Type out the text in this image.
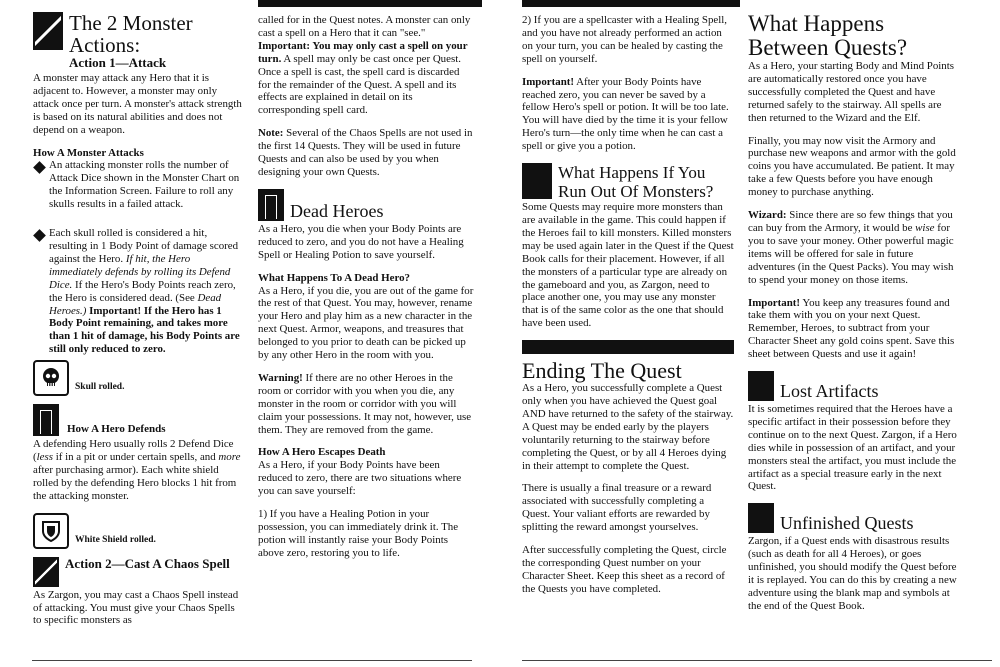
The 2 Monster Actions:
Action 1—Attack

A monster may attack any Hero that it is adjacent to. However, a monster may only attack once per turn. A monster's attack strength is based on its natural abilities and does not depend on a weapon.

How A Monster Attacks
An attacking monster rolls the number of Attack Dice shown in the Monster Chart on the Information Screen. Failure to roll any skulls results in a failed attack.
Each skull rolled is considered a hit, resulting in 1 Body Point of damage scored against the Hero. If hit, the Hero immediately defends by rolling its Defend Dice. If the Hero's Body Points reach zero, the Hero is considered dead. (See Dead Heroes.) Important! If the Hero has 1 Body Point remaining, and takes more than 1 hit of damage, his Body Points are still only reduced to zero.
Skull rolled.
How A Hero Defends

A defending Hero usually rolls 2 Defend Dice (less if in a pit or under certain spells, and more after purchasing armor). Each white shield rolled by the defending Hero blocks 1 hit from the attacking monster.

White Shield rolled.
Action 2—Cast A Chaos Spell

As Zargon, you may cast a Chaos Spell instead of attacking. You must give your Chaos Spells to specific monsters as

called for in the Quest notes. A monster can only cast a spell on a Hero that it can "see." Important: You may only cast a spell on your turn. A spell may only be cast once per Quest. Once a spell is cast, the spell card is discarded for the remainder of the Quest. A spell and its effects are explained in detail on its corresponding spell card.

Note: Several of the Chaos Spells are not used in the first 14 Quests. They will be used in future Quests and can also be used by you when designing your own Quests.

Dead Heroes

As a Hero, you die when your Body Points are reduced to zero, and you do not have a Healing Spell or Healing Potion to save yourself.

What Happens To A Dead Hero?

As a Hero, if you die, you are out of the game for the rest of that Quest. You may, however, rename your Hero and play him as a new character in the next Quest. Armor, weapons, and treasures that belonged to you prior to death can be picked up by any other Hero in the room with you.

Warning! If there are no other Heroes in the room or corridor with you when you die, any monster in the room or corridor with you will claim your possessions. It may not, however, use them. They are removed from the game.

How A Hero Escapes Death

As a Hero, if your Body Points have been reduced to zero, there are two situations where you can save yourself:

1) If you have a Healing Potion in your possession, you can immediately drink it. The potion will instantly raise your Body Points above zero, restoring you to life.

2) If you are a spellcaster with a Healing Spell, and you have not already performed an action on your turn, you can be healed by casting the spell on yourself.

Important! After your Body Points have reached zero, you can never be saved by a fellow Hero's spell or potion. It will be too late. You will have died by the time it is your fellow Hero's turn—the only time when he can cast a spell or give you a potion.

What Happens If You Run Out Of Monsters?

Some Quests may require more monsters than are available in the game. This could happen if the Heroes fail to kill monsters. Killed monsters may be used again later in the Quest if the Quest Book calls for their placement. However, if all the monsters of a particular type are already on the gameboard and you, as Zargon, need to place another one, you may use any monster that is of the same color as the one that should have been used.

Ending The Quest

As a Hero, you successfully complete a Quest only when you have achieved the Quest goal AND have returned to the safety of the stairway. A Quest may be ended early by the players voluntarily returning to the stairway before completing the Quest, or by all 4 Heroes dying in their attempt to complete the Quest.

There is usually a final treasure or a reward associated with successfully completing a Quest. Your valiant efforts are rewarded by splitting the reward amongst yourselves.

After successfully completing the Quest, circle the corresponding Quest number on your Character Sheet. Keep this sheet as a record of the Quests you have completed.

What Happens Between Quests?

As a Hero, your starting Body and Mind Points are automatically restored once you have successfully completed the Quest and have returned safely to the stairway. All spells are then returned to the Wizard and the Elf.

Finally, you may now visit the Armory and purchase new weapons and armor with the gold coins you have accumulated. Be patient. It may take a few Quests before you have enough money to purchase anything.

Wizard: Since there are so few things that you can buy from the Armory, it would be wise for you to save your money. Other powerful magic items will be offered for sale in future adventures (in the Quest Packs). You may wish to spend your money on those items.

Important! You keep any treasures found and take them with you on your next Quest. Remember, Heroes, to subtract from your Character Sheet any gold coins spent. Save this sheet between Quests and use it again!

Lost Artifacts

It is sometimes required that the Heroes have a specific artifact in their possession before they continue on to the next Quest. Zargon, if a Hero dies while in possession of an artifact, and your monsters steal the artifact, you must include the artifact as a special treasure early in the next Quest.

Unfinished Quests

Zargon, if a Quest ends with disastrous results (such as death for all 4 Heroes), or goes unfinished, you should modify the Quest before it is replayed. You can do this by creating a new adventure using the blank map and symbols at the end of the Quest Book.
